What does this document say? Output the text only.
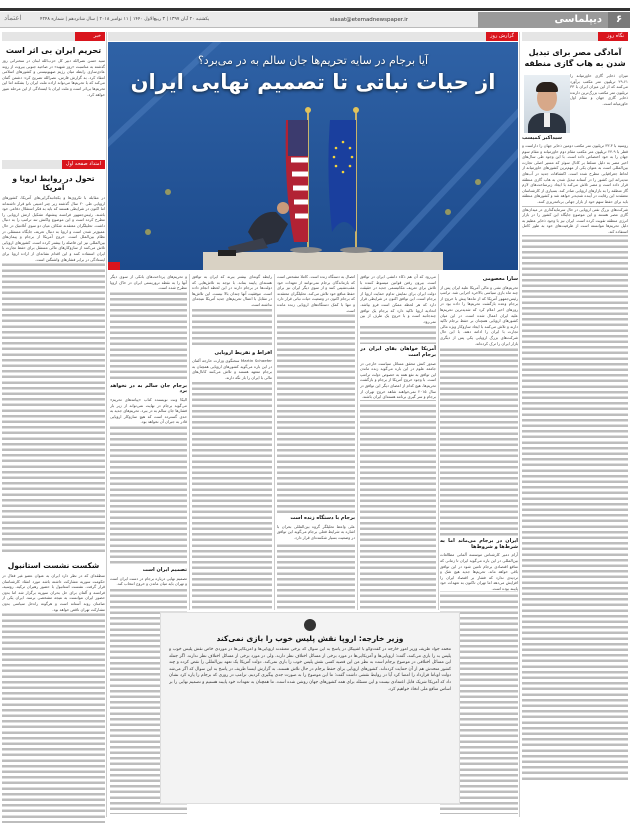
۶
دیپلماسی
siasat@etemadnewspaper.ir
یکشنبه ۲۰ آبان ۱۳۹۷ | ۳ ربیع‌الاول ۱۴۴۰ | ۱۱ نوامبر ۲۰۱۸ | سال شانزدهم | شماره ۴۲۴۸
اعتماد
نگاه روز
آمادگی مصر برای تبدیل شدن به هاب گازی منطقه

میزان ذخایر گازی خاورمیانه را ۲۹.۶۱ تریلیون متر مکعب برآورد می‌کنند که از این میزان ایران با ۳۳ تریلیون متر مکعب بزرگ‌ترین دارنده ذخایر گازی جهان و مقام اول خاورمیانه است.

سیداکبر کمیسب

روسیه با ۳۳.۳ تریلیون متر مکعب دومین ذخایر جهان را داراست و قطر با ۲۴.۹ تریلیون متر مکعب مقام دوم خاورمیانه و مقام سوم جهان را به خود اختصاص داده است. با این وجود طی سال‌های اخیر مصر به دلیل تسلط بر کانال سوئز که مسیر اصلی تجارت بین‌المللی است به عنوان یکی از مهم‌ترین کشورهای خاورمیانه از لحاظ جغرافیایی مطرح شده است. اکتشافات جدید در آب‌های مدیترانه این کشور را در آستانه تبدیل شدن به هاب گازی منطقه قرار داده است و مصر تلاش می‌کند با ایجاد زیرساخت‌های لازم گاز منطقه را به بازارهای اروپایی صادر کند. بسیاری از کارشناسان معتقدند این رقابت در آینده شدیدتر خواهد شد و کشورهای منطقه باید برای حفظ سهم خود از بازار جهانی برنامه‌ریزی کنند.

شرکت‌های بزرگ نفتی اروپایی در حال سرمایه‌گذاری در میدان‌های گازی مصر هستند و این موضوع جایگاه این کشور را در بازار انرژی منطقه تقویت کرده است. ایران نیز با وجود ذخایر عظیم به دلیل تحریم‌ها نتوانسته است از ظرفیت‌های خود به طور کامل استفاده کند.

خبر
تحریم ایران بی اثر است

سید حسن نصرالله دبیر کل حزب‌الله لبنان در سخنرانی روز گذشته به مناسبت «روز شهید» در ضاحیه جنوبی بیروت از روند عادی‌سازی رابطه میان رژیم صهیونیستی و کشورهای اسلامی انتقاد کرد. به گزارش فارس، نصرالله تصریح کرد: دشمن گمان می‌کند که با تحریم‌ها می‌تواند اراده ملت ایران را بشکند اما این تحریم‌ها بی‌اثر است و ملت ایران با ایستادگی از این مرحله عبور خواهد کرد.

امتداد صفحه اول
تحول در روابط اروپا و آمریکا

در مقابله با تکروی‌ها و یکجانبه‌گرایی‌های آمریکا، کشورهای اروپایی طی ۲۰ سال گذشته زیر چتر امنیتی ناتو قرار داشته‌اند اما اکنون در شرایطی هستند که باید به فکر استقلال دفاعی خود باشند. رئیس‌جمهور فرانسه پیشنهاد تشکیل ارتش اروپایی را مطرح کرده است و این موضوع واکنش تند ترامپ را به دنبال داشت. تحلیلگران معتقدند شکاف میان دو سوی آتلانتیک در حال عمیق‌تر شدن است و اروپا به دنبال تعریف جایگاه مستقلی در نظام بین‌الملل است. خروج آمریکا از برجام و پیمان‌های بین‌المللی نیز این فاصله را بیشتر کرده است. کشورهای اروپایی تلاش می‌کنند از سازوکارهای مالی مستقل برای حفظ تجارت با ایران استفاده کنند و این اقدام نشانه‌ای از اراده اروپا برای ایستادگی در برابر فشارهای واشنگتن است.

شکست نشست استانبول

منطقه‌ای که در نظر دارد ایران به عنوان عضو غیر فعال در حکومت سوریه مشارکت داشته باشد مورد انتقاد کارشناسان قرار گرفت. نشست استانبول با حضور رهبران ترکیه، روسیه، فرانسه و آلمان برای حل بحران سوریه برگزار شد اما بدون حضور ایران نتوانست به نتیجه مشخصی برسد. ایران یکی از ضامنان روند آستانه است و هرگونه راه‌حل سیاسی بدون مشارکت تهران ناقص خواهد بود.

گزارش روز
آیا برجام در سایه تحریم‌ها جان سالم به در می‌برد؟
از حیات نباتی تا تصمیم نهایی ایران
سارا معصومی

تحریم‌های نفتی و مالی آمریکا علیه ایران پس از چند ماه بازی سیاسی بالاخره اجرایی شد. ترامپ رئیس‌جمهور آمریکا که از ماه‌ها پیش با خروج از برجام وعده بازگشت تحریم‌ها را داده بود در روزهای اخیر اعلام کرد که شدیدترین تحریم‌ها علیه ایران اعمال شده است. در این میان کشورهای اروپایی همچنان بر حفظ برجام تاکید دارند و تلاش می‌کنند با ایجاد سازوکار ویژه مالی تجارت با ایران را ادامه دهند. با این حال شرکت‌های بزرگ اروپایی یکی پس از دیگری بازار ایران را ترک کرده‌اند.

ایران در برجام می‌ماند اما به شرط‌ها و شروط‌ها

آرام دمیر کارشناس موسسه آلمانی مطالعات بین‌المللی در این باره می‌گوید ایران تا زمانی که منافع اقتصادی برجام تامین شود در این توافق باقی خواهد ماند. تحریم‌ها جدید هیچ شک و تردیدی ندارد که فشار بر اقتصاد ایران را افزایش می‌دهد اما تهران تاکنون به تعهدات خود پایبند بوده است.

می‌رود که آن هم ذکاء دانشی ایران در توافق است. بیرون رفتن قوانین میسوط کننده با تلاش برای تعریف مکانیسمی جدید در حقیقت دولت ایران برای نمایش تداوم حمایت اروپا از برجام است. این توافق اکنون در شرایطی قرار دارد که هر لحظه ممکن است فرو بپاشد. اتحادیه اروپا تاکید دارد که برجام یک توافق چندجانبه است و با خروج یک طرف از بین نمی‌رود.

آمریکا خواهان بقای ایران در برجام است

صدور کنش محقق مسائل سیاست خارجی در جامعه علوم در این باره می‌گوید زنده ماندن این توافق به نفع همه به خصوص دولت ترامپ است. با وجود خروج آمریکا از برجام و بازگشت تحریم‌ها، هیچ کدام از اعضای دیگر این توافق در سال ۲۰۱۵ نمی‌خواهند شاهد خروج تهران از برجام و سر گیری برنامه هسته‌ای ایران باشند.

اتصال به دستگاه زنده است. کاملا مشخص است که بازماندگان برجام نمی‌توانند از تعهدات خود عقب‌نشینی کنند و از سوی دیگر ایران نیز برای حفظ منافع خود تلاش می‌کند. تحلیلگران معتقدند که برجام اکنون در وضعیت حیات نباتی قرار دارد و تنها با کمک دستگاه‌های اروپایی زنده مانده است.

برجام با دستگاه زنده است

علی واعظ تحلیلگر گروه بین‌المللی بحران با اشاره به شرایط فعلی برجام می‌گوید این توافق در وضعیت بسیار شکننده‌ای قرار دارد.

رابطه گونه‌ای بیشتر ببرند که ایران به توافق هسته‌ای پایبند بماند. با توجه به تلاش‌هایی که دولت‌ها در برجام دارند در این لحظه انجام داده است. موفقیت آنها چندان بالا نیست. این تلاش‌ها در مقابل با اعمال تحریم‌های جدید آمریکا نتیجه‌ای نداشته است.

افراط و تفریط اروپایی

Martin Schaefer سخنگوی وزارت خارجه آلمان در این باره می‌گوید کشورهای اروپایی همچنان به برجام متعهد هستند و تلاش می‌کنند کانال‌های مالی با ایران را باز نگه دارند.

و تحریم‌های پرداخت‌های بانکی از سوی دیگر آنها را به نقطه تروریستی ایران در خاک اروپا مطرح شده است.

برجام جان سالم به در نخواهد برد

الیکا ونت نویسنده کتاب «پیامدهای تحریم» می‌گوید برجام در نهایت نمی‌تواند از زیر بار فشارها جان سالم به در ببرد. تحریم‌های جدید به حدی گسترده است که هیچ سازوکار اروپایی قادر به جبران آن نخواهد بود.

تصمیم ایران است

تصمیم نهایی درباره برجام در دست ایران است و تهران باید میان ماندن و خروج انتخاب کند.

وزیر خارجه: اروپا نقش پلیس خوب را بازی نمی‌کند

محمد جواد ظریف وزیر امور خارجه در گفت‌وگو با اشپیگل در پاسخ به این سوال که برخی معتقدند اروپایی‌ها و آمریکایی‌ها در موردی خاص نقش پلیس خوب و پلیس بد را بازی می‌کنند، گفت: اروپایی‌ها و آمریکایی‌ها در مورد برخی از مسائل اختلاف نظر دارند. ولی در مورد برخی از مسائل اختلاف نظر ندارند. اگر جمله این مسائل اختلافی در موضوع برجام است به نظر من این قضیه کسی نقش پلیس خوب را بازی نمی‌کند. دولت آمریکا یک تعهد بین‌المللی را نقض کرده و چند کشور متحدش هم از آن حمایت کرده‌اند. کشورهای اروپایی برای حفظ برجام در حال تلاش هستند. به گزارش ایسنا ظریف در پاسخ به این سوال که اگر می‌شد دولت اوباما قرارداد را امضا کرد آیا در روابط نقشی داشت گفت: ما این موضوع را به صورت جدی پیگیری کردیم. ترامپ در روزی که برجام را پاره کرد نشان داد که آمریکا شریک قابل اعتمادی نیست و این مسئله برای همه کشورهای جهان روشن شده است. ما همچنان به تعهدات خود پایبند هستیم و تصمیم نهایی را بر اساس منافع ملی اتخاذ خواهیم کرد.
